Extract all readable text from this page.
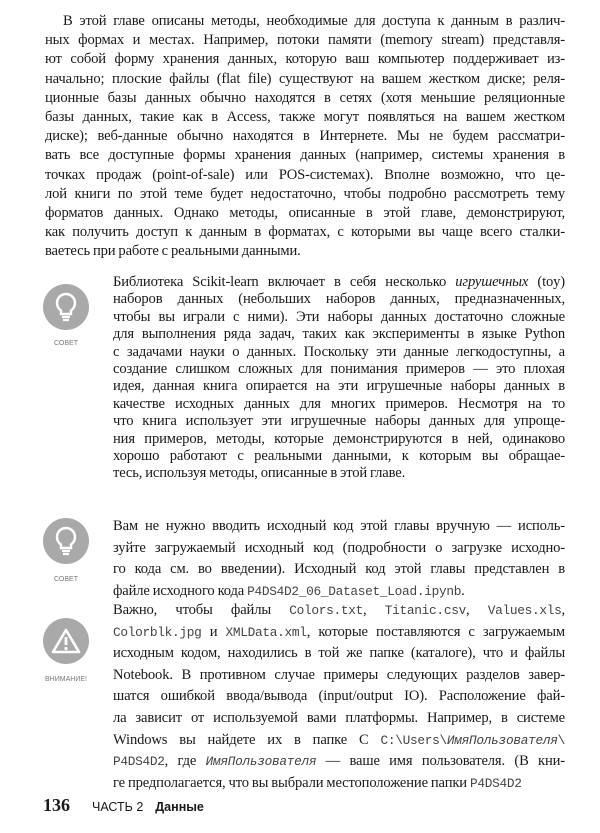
В этой главе описаны методы, необходимые для доступа к данным в различ-
ных формах и местах. Например, потоки памяти (memory stream) представля-
ют собой форму хранения данных, которую ваш компьютер поддерживает из-
начально; плоские файлы (flat file) существуют на вашем жестком диске; реля-
ционные базы данных обычно находятся в сетях (хотя меньшие реляционные
базы данных, такие как в Access, также могут появляться на вашем жестком
диске); веб-данные обычно находятся в Интернете. Мы не будем рассматри-
вать все доступные формы хранения данных (например, системы хранения в
точках продаж (point-of-sale) или POS-системах). Вполне возможно, что це-
лой книги по этой теме будет недостаточно, чтобы подробно рассмотреть тему
форматов данных. Однако методы, описанные в этой главе, демонстрируют,
как получить доступ к данным в форматах, с которыми вы чаще всего сталки-
ваетесь при работе с реальными данными.
СОВЕТ
Библиотека Scikit-learn включает в себя несколько игрушечных (toy)
наборов данных (небольших наборов данных, предназначенных,
чтобы вы играли с ними). Эти наборы данных достаточно сложные
для выполнения ряда задач, таких как эксперименты в языке Python
с задачами науки о данных. Поскольку эти данные легкодоступны, а
создание слишком сложных для понимания примеров — это плохая
идея, данная книга опирается на эти игрушечные наборы данных в
качестве исходных данных для многих примеров. Несмотря на то
что книга использует эти игрушечные наборы данных для упроще-
ния примеров, методы, которые демонстрируются в ней, одинаково
хорошо работают с реальными данными, к которым вы обращае-
тесь, используя методы, описанные в этой главе.
СОВЕТ
Вам не нужно вводить исходный код этой главы вручную — исполь-
зуйте загружаемый исходный код (подробности о загрузке исходно-
го кода см. во введении). Исходный код этой главы представлен в
файле исходного кода P4DS4D2_06_Dataset_Load.ipynb.
ВНИМАНИЕ!
Важно, чтобы файлы Colors.txt, Titanic.csv, Values.xls,
Colorblk.jpg и XMLData.xml, которые поставляются с загружаемым
исходным кодом, находились в той же папке (каталоге), что и файлы
Notebook. В противном случае примеры следующих разделов завер-
шатся ошибкой ввода/вывода (input/output IO). Расположение фай-
ла зависит от используемой вами платформы. Например, в системе
Windows вы найдете их в папке C C:\Users\ИмяПользователя\
P4DS4D2, где ИмяПользователя — ваше имя пользователя. (В кни-
ге предполагается, что вы выбрали местоположение папки P4DS4D2
136 ЧАСТЬ 2 Данные
